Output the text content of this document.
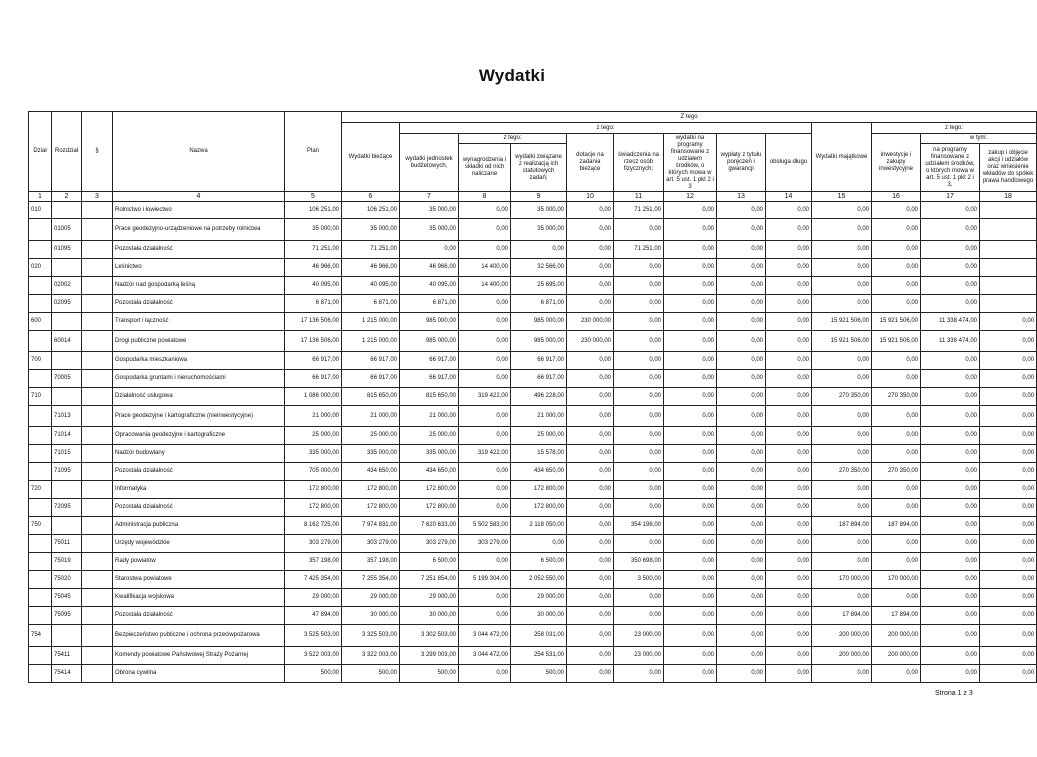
Wydatki
Dział	Rozdział	§	Nazwa	Plan	Z tego												
					Wydatki bieżące	z tego:								Wydatki majątkowe	z tego:		
						wydatki jednostek budżetowych,	z tego:		dotacje na zadania bieżące	świadczenia na rzecz osób fizycznych;	wydatki na programy finansowane z udziałem środków, o których mowa w art. 5 ust. 1 pkt 2 i 3	wypłaty z tytułu poręczeń i gwarancji	obsługa długu		inwestycje i zakupy inwestycyjne	w tym:	
							wynagrodzenia i składki od nich naliczane	wydatki związane z realizacją ich statutowych zadań;								na programy finansowane z udziałem środków, o których mowa w art. 5 ust. 1 pkt 2 i 3,	zakup i objęcie akcji i udziałów oraz wniesienie wkładów do spółek prawa handlowego

1	2	3	4	5	6	7	8	9	10	11	12	13	14	15	16	17	18
010			Rolnictwo i łowiectwo	106 251,00	106 251,00	35 000,00	0,00	35 000,00	0,00	71 251,00	0,00	0,00	0,00	0,00	0,00	0,00	
	01005		Prace geodezyjno-urządzeniowe na potrzeby rolnictwa	35 000,00	35 000,00	35 000,00	0,00	35 000,00	0,00	0,00	0,00	0,00	0,00	0,00	0,00	0,00	
	01095		Pozostała działalność	71 251,00	71 251,00	0,00	0,00	0,00	0,00	71 251,00	0,00	0,00	0,00	0,00	0,00	0,00	
020			Leśnictwo	46 966,00	46 966,00	46 966,00	14 400,00	32 566,00	0,00	0,00	0,00	0,00	0,00	0,00	0,00	0,00	
	02002		Nadzór nad gospodarką leśną	40 095,00	40 095,00	40 095,00	14 400,00	25 695,00	0,00	0,00	0,00	0,00	0,00	0,00	0,00	0,00	
	02095		Pozostała działalność	6 871,00	6 871,00	6 871,00	0,00	6 871,00	0,00	0,00	0,00	0,00	0,00	0,00	0,00	0,00	
600			Transport i łączność	17 136 506,00	1 215 000,00	985 000,00	0,00	985 000,00	230 000,00	0,00	0,00	0,00	0,00	15 921 506,00	15 921 506,00	11 338 474,00	0,00
	60014		Drogi publiczne powiatowe	17 136 506,00	1 215 000,00	985 000,00	0,00	985 000,00	230 000,00	0,00	0,00	0,00	0,00	15 921 506,00	15 921 506,00	11 338 474,00	0,00
700			Gospodarka mieszkaniowa	66 917,00	66 917,00	66 917,00	0,00	66 917,00	0,00	0,00	0,00	0,00	0,00	0,00	0,00	0,00	0,00
	70005		Gospodarka gruntami i nieruchomościami	66 917,00	66 917,00	66 917,00	0,00	66 917,00	0,00	0,00	0,00	0,00	0,00	0,00	0,00	0,00	0,00
710			Działalność usługowa	1 086 000,00	815 650,00	815 650,00	319 422,00	496 228,00	0,00	0,00	0,00	0,00	0,00	270 350,00	270 350,00	0,00	0,00
	71013		Prace geodezyjne i kartograficzne (nieinwestycyjne)	21 000,00	21 000,00	21 000,00	0,00	21 000,00	0,00	0,00	0,00	0,00	0,00	0,00	0,00	0,00	0,00
	71014		Opracowania geodezyjne i kartograficzne	25 000,00	25 000,00	25 000,00	0,00	25 000,00	0,00	0,00	0,00	0,00	0,00	0,00	0,00	0,00	0,00
	71015		Nadzór budowlany	335 000,00	335 000,00	335 000,00	319 422,00	15 578,00	0,00	0,00	0,00	0,00	0,00	0,00	0,00	0,00	0,00
	71095		Pozostała działalność	705 000,00	434 650,00	434 650,00	0,00	434 650,00	0,00	0,00	0,00	0,00	0,00	270 350,00	270 350,00	0,00	0,00
720			Informatyka	172 800,00	172 800,00	172 800,00	0,00	172 800,00	0,00	0,00	0,00	0,00	0,00	0,00	0,00	0,00	0,00
	72095		Pozostała działalność	172 800,00	172 800,00	172 800,00	0,00	172 800,00	0,00	0,00	0,00	0,00	0,00	0,00	0,00	0,00	0,00
750			Administracja publiczna	8 162 725,00	7 974 831,00	7 620 633,00	5 502 583,00	2 118 050,00	0,00	354 198,00	0,00	0,00	0,00	187 894,00	187 894,00	0,00	0,00
	75011		Urzędy wojewódzkie	303 279,00	303 279,00	303 279,00	303 279,00	0,00	0,00	0,00	0,00	0,00	0,00	0,00	0,00	0,00	0,00
	75019		Rady powiatów	357 198,00	357 198,00	6 500,00	0,00	6 500,00	0,00	350 698,00	0,00	0,00	0,00	0,00	0,00	0,00	0,00
	75020		Starostwa powiatowe	7 425 354,00	7 255 354,00	7 251 854,00	5 199 304,00	2 052 550,00	0,00	3 500,00	0,00	0,00	0,00	170 000,00	170 000,00	0,00	0,00
	75045		Kwalifikacja wojskowa	29 000,00	29 000,00	29 000,00	0,00	29 000,00	0,00	0,00	0,00	0,00	0,00	0,00	0,00	0,00	0,00
	75095		Pozostała działalność	47 894,00	30 000,00	30 000,00	0,00	30 000,00	0,00	0,00	0,00	0,00	0,00	17 894,00	17 894,00	0,00	0,00
754			Bezpieczeństwo publiczne i ochrona przeciwpożarowa	3 525 503,00	3 325 503,00	3 302 503,00	3 044 472,00	258 031,00	0,00	23 000,00	0,00	0,00	0,00	200 000,00	200 000,00	0,00	0,00
	75411		Komendy powiatowe Państwowej Straży Pożarnej	3 522 003,00	3 322 003,00	3 299 003,00	3 044 472,00	254 531,00	0,00	23 000,00	0,00	0,00	0,00	200 000,00	200 000,00	0,00	0,00
	75414		Obrona cywilna	500,00	500,00	500,00	0,00	500,00	0,00	0,00	0,00	0,00	0,00	0,00	0,00	0,00	0,00
Strona 1 z 3
